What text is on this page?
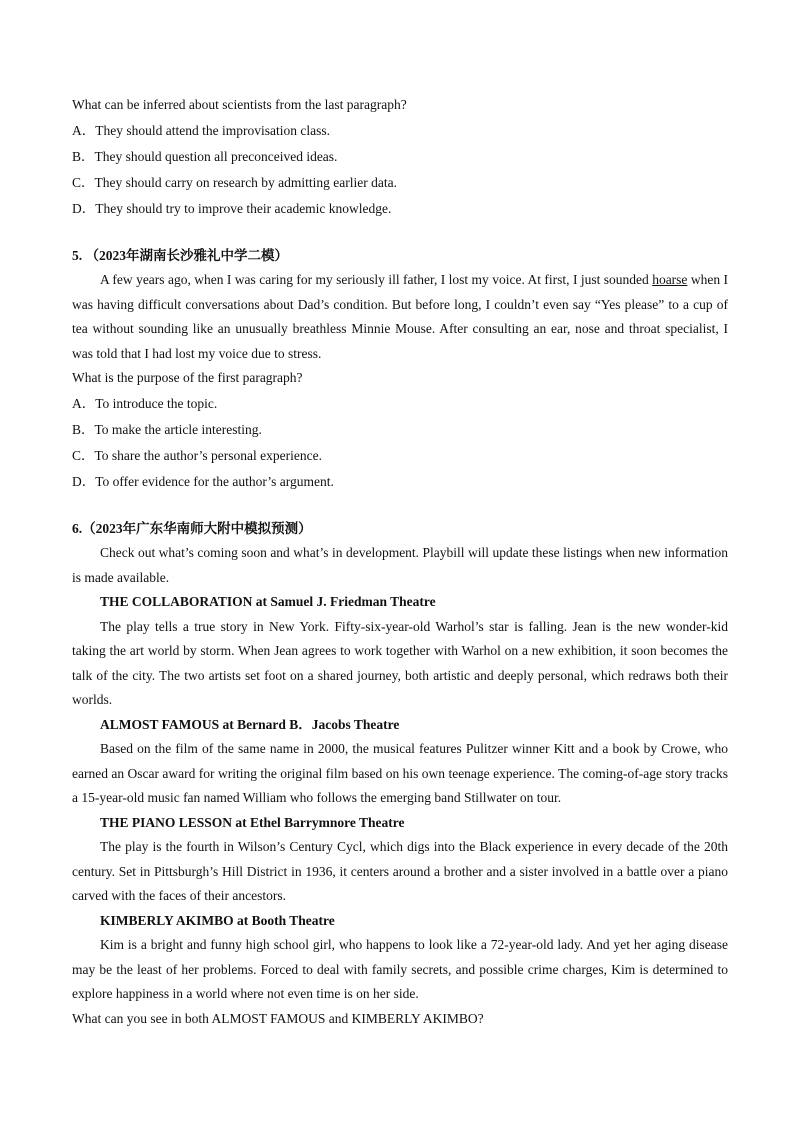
What can be inferred about scientists from the last paragraph?

A．They should attend the improvisation class.

B．They should question all preconceived ideas.

C．They should carry on research by admitting earlier data.

D．They should try to improve their academic knowledge.

5. （2023年湖南长沙雅礼中学二模）

A few years ago, when I was caring for my seriously ill father, I lost my voice. At first, I just sounded hoarse when I was having difficult conversations about Dad’s condition. But before long, I couldn’t even say “Yes please” to a cup of tea without sounding like an unusually breathless Minnie Mouse. After consulting an ear, nose and throat specialist, I was told that I had lost my voice due to stress.

What is the purpose of the first paragraph?

A．To introduce the topic.

B．To make the article interesting.

C．To share the author’s personal experience.

D．To offer evidence for the author’s argument.

6.（2023年广东华南师大附中模拟预测）

Check out what’s coming soon and what’s in development. Playbill will update these listings when new information is made available.

THE COLLABORATION at Samuel J. Friedman Theatre

The play tells a true story in New York. Fifty-six-year-old Warhol’s star is falling. Jean is the new wonder-kid taking the art world by storm. When Jean agrees to work together with Warhol on a new exhibition, it soon becomes the talk of the city. The two artists set foot on a shared journey, both artistic and deeply personal, which redraws both their worlds.

ALMOST FAMOUS at Bernard B．Jacobs Theatre

Based on the film of the same name in 2000, the musical features Pulitzer winner Kitt and a book by Crowe, who earned an Oscar award for writing the original film based on his own teenage experience. The coming-of-age story tracks a 15-year-old music fan named William who follows the emerging band Stillwater on tour.

THE PIANO LESSON at Ethel Barrymnore Theatre

The play is the fourth in Wilson’s Century Cycl, which digs into the Black experience in every decade of the 20th century. Set in Pittsburgh’s Hill District in 1936, it centers around a brother and a sister involved in a battle over a piano carved with the faces of their ancestors.

KIMBERLY AKIMBO at Booth Theatre

Kim is a bright and funny high school girl, who happens to look like a 72-year-old lady. And yet her aging disease may be the least of her problems. Forced to deal with family secrets, and possible crime charges, Kim is determined to explore happiness in a world where not even time is on her side.

What can you see in both ALMOST FAMOUS and KIMBERLY AKIMBO?
